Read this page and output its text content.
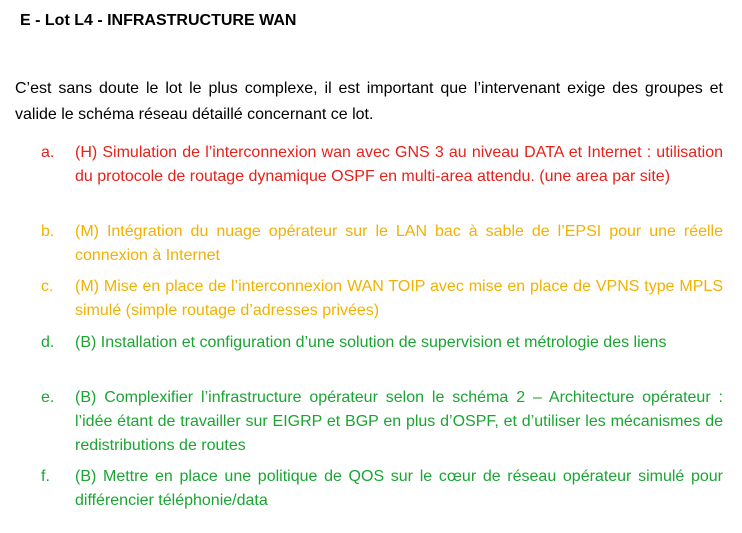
E - Lot L4 - INFRASTRUCTURE WAN
C’est sans doute le lot le plus complexe, il est important que l’intervenant exige des groupes et valide le schéma réseau détaillé concernant ce lot.
a.	(H) Simulation de l’interconnexion wan avec GNS 3 au niveau DATA et Internet : utilisation du protocole de routage dynamique OSPF en multi-area attendu. (une area par site)
b.	(M) Intégration du nuage opérateur sur le LAN bac à sable de l’EPSI pour une réelle connexion à Internet
c.	(M) Mise en place de l’interconnexion WAN TOIP avec mise en place de VPNS type MPLS simulé (simple routage d’adresses privées)
d.	(B) Installation et configuration d’une solution de supervision et métrologie des liens
e.	(B) Complexifier l’infrastructure opérateur selon le schéma 2 – Architecture opérateur : l’idée étant de travailler sur EIGRP et BGP en plus d’OSPF, et d’utiliser les mécanismes de redistributions de routes
f.	(B) Mettre en place une politique de QOS sur le cœur de réseau opérateur simulé pour différencier téléphonie/data
